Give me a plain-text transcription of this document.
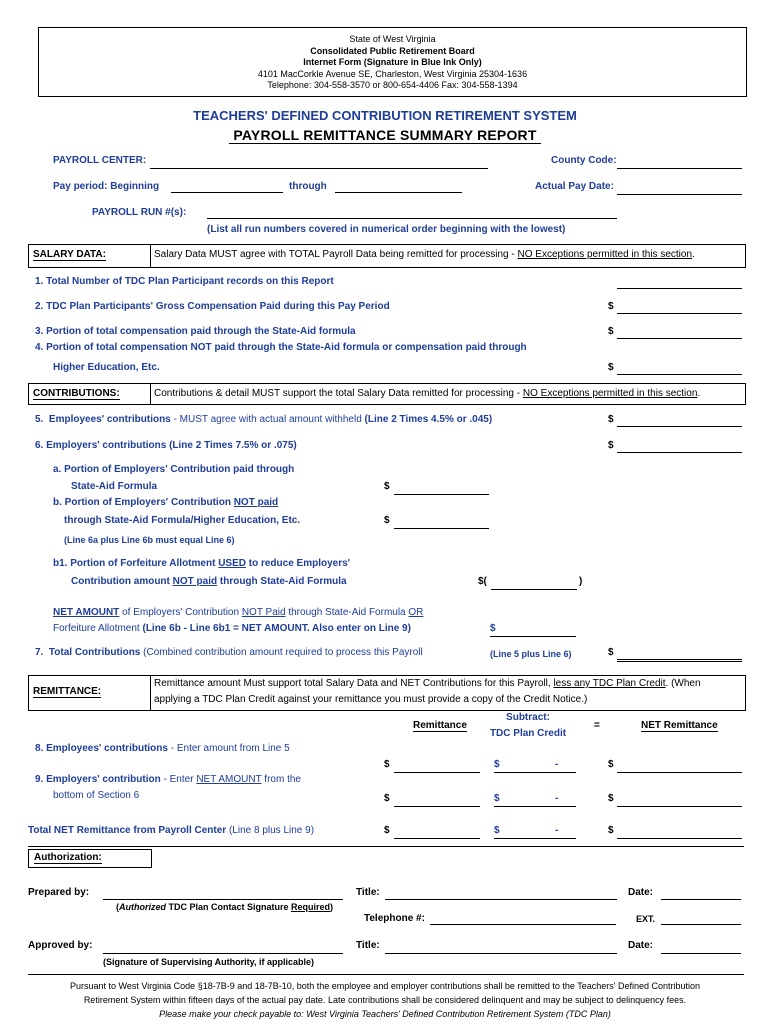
State of West Virginia
Consolidated Public Retirement Board
Internet Form (Signature in Blue Ink Only)
4101 MacCorkle Avenue SE, Charleston, West Virginia 25304-1636
Telephone: 304-558-3570 or 800-654-4406 Fax: 304-558-1394
TEACHERS' DEFINED CONTRIBUTION RETIREMENT SYSTEM
PAYROLL REMITTANCE SUMMARY REPORT
PAYROLL CENTER:	County Code:
Pay period: Beginning	through	Actual Pay Date:
PAYROLL RUN #(s):
(List all run numbers covered in numerical order beginning with the lowest)
SALARY DATA:	Salary Data MUST agree with TOTAL Payroll Data being remitted for processing - NO Exceptions permitted in this section.
1. Total Number of TDC Plan Participant records on this Report
2. TDC Plan Participants' Gross Compensation Paid during this Pay Period	$
3. Portion of total compensation paid through the State-Aid formula	$
4. Portion of total compensation NOT paid through the State-Aid formula or compensation paid through
Higher Education, Etc.	$
CONTRIBUTIONS:	Contributions & detail MUST support the total Salary Data remitted for processing - NO Exceptions permitted in this section.
5. Employees' contributions - MUST agree with actual amount withheld (Line 2 Times 4.5% or .045)	$
6. Employers' contributions (Line 2 Times 7.5% or .075)	$
a. Portion of Employers' Contribution paid through
State-Aid Formula	$
b. Portion of Employers' Contribution NOT paid
through State-Aid Formula/Higher Education, Etc.	$
(Line 6a plus Line 6b must equal Line 6)
b1. Portion of Forfeiture Allotment USED to reduce Employers'
Contribution amount NOT paid through State-Aid Formula	$(	)
NET AMOUNT of Employers' Contribution NOT Paid through State-Aid Formula OR
Forfeiture Allotment (Line 6b - Line 6b1 = NET AMOUNT. Also enter on Line 9)	$
7. Total Contributions (Combined contribution amount required to process this Payroll	(Line 5 plus Line 6)	$
REMITTANCE:
Remittance amount Must support total Salary Data and NET Contributions for this Payroll, less any TDC Plan Credit. (When
applying a TDC Plan Credit against your remittance you must provide a copy of the Credit Notice.)
Remittance
Subtract:
TDC Plan Credit
=	NET Remittance
8. Employees' contributions - Enter amount from Line 5
$	$	-	$
9. Employers' contribution - Enter NET AMOUNT from the
bottom of Section 6	$	$	-	$
Total NET Remittance from Payroll Center (Line 8 plus Line 9)	$	$	-	$
Authorization:
Prepared by:
(Authorized TDC Plan Contact Signature Required)
Title:	Date:
Telephone #:	EXT.
Approved by:
(Signature of Supervising Authority, if applicable)
Title:	Date:
Pursuant to West Virginia Code §18-7B-9 and 18-7B-10, both the employee and employer contributions shall be remitted to the Teachers' Defined Contribution
Retirement System within fifteen days of the actual pay date. Late contributions shall be considered delinquent and may be subject to delinquency fees.
Please make your check payable to: West Virginia Teachers' Defined Contribution Retirement System (TDC Plan)
